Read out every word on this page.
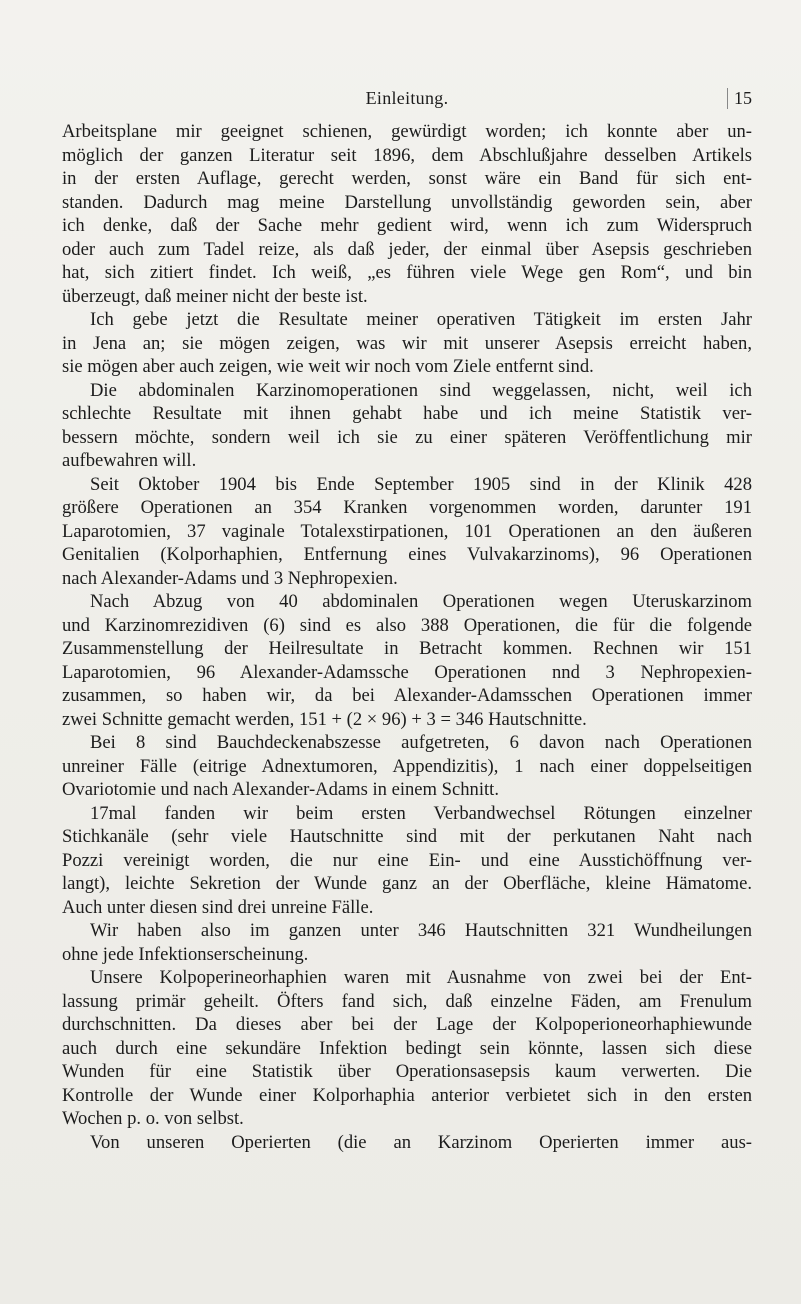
Einleitung.	15
Arbeitsplane mir geeignet schienen, gewürdigt worden; ich konnte aber un-
möglich der ganzen Literatur seit 1896, dem Abschlußjahre desselben Artikels
in der ersten Auflage, gerecht werden, sonst wäre ein Band für sich ent-
standen. Dadurch mag meine Darstellung unvollständig geworden sein, aber
ich denke, daß der Sache mehr gedient wird, wenn ich zum Widerspruch
oder auch zum Tadel reize, als daß jeder, der einmal über Asepsis geschrieben
hat, sich zitiert findet. Ich weiß, „es führen viele Wege gen Rom“, und bin
überzeugt, daß meiner nicht der beste ist.
Ich gebe jetzt die Resultate meiner operativen Tätigkeit im ersten Jahr
in Jena an; sie mögen zeigen, was wir mit unserer Asepsis erreicht haben,
sie mögen aber auch zeigen, wie weit wir noch vom Ziele entfernt sind.
Die abdominalen Karzinomoperationen sind weggelassen, nicht, weil ich
schlechte Resultate mit ihnen gehabt habe und ich meine Statistik ver-
bessern möchte, sondern weil ich sie zu einer späteren Veröffentlichung mir
aufbewahren will.
Seit Oktober 1904 bis Ende September 1905 sind in der Klinik 428
größere Operationen an 354 Kranken vorgenommen worden, darunter 191
Laparotomien, 37 vaginale Totalexstirpationen, 101 Operationen an den äußeren
Genitalien (Kolporhaphien, Entfernung eines Vulvakarzinoms), 96 Operationen
nach Alexander-Adams und 3 Nephropexien.
Nach Abzug von 40 abdominalen Operationen wegen Uteruskarzinom
und Karzinomrezidiven (6) sind es also 388 Operationen, die für die folgende
Zusammenstellung der Heilresultate in Betracht kommen. Rechnen wir 151
Laparotomien, 96 Alexander-Adamssche Operationen nnd 3 Nephropexien-
zusammen, so haben wir, da bei Alexander-Adamsschen Operationen immer
zwei Schnitte gemacht werden, 151 + (2 × 96) + 3 = 346 Hautschnitte.
Bei 8 sind Bauchdeckenabszesse aufgetreten, 6 davon nach Operationen
unreiner Fälle (eitrige Adnextumoren, Appendizitis), 1 nach einer doppelseitigen
Ovariotomie und nach Alexander-Adams in einem Schnitt.
17mal fanden wir beim ersten Verbandwechsel Rötungen einzelner
Stichkanäle (sehr viele Hautschnitte sind mit der perkutanen Naht nach
Pozzi vereinigt worden, die nur eine Ein- und eine Ausstichöffnung ver-
langt), leichte Sekretion der Wunde ganz an der Oberfläche, kleine Hämatome.
Auch unter diesen sind drei unreine Fälle.
Wir haben also im ganzen unter 346 Hautschnitten 321 Wundheilungen
ohne jede Infektionserscheinung.
Unsere Kolpoperineorhaphien waren mit Ausnahme von zwei bei der Ent-
lassung primär geheilt. Öfters fand sich, daß einzelne Fäden, am Frenulum
durchschnitten. Da dieses aber bei der Lage der Kolpoperioneorhaphiewunde
auch durch eine sekundäre Infektion bedingt sein könnte, lassen sich diese
Wunden für eine Statistik über Operationsasepsis kaum verwerten. Die
Kontrolle der Wunde einer Kolporhaphia anterior verbietet sich in den ersten
Wochen p. o. von selbst.
Von unseren Operierten (die an Karzinom Operierten immer aus-
